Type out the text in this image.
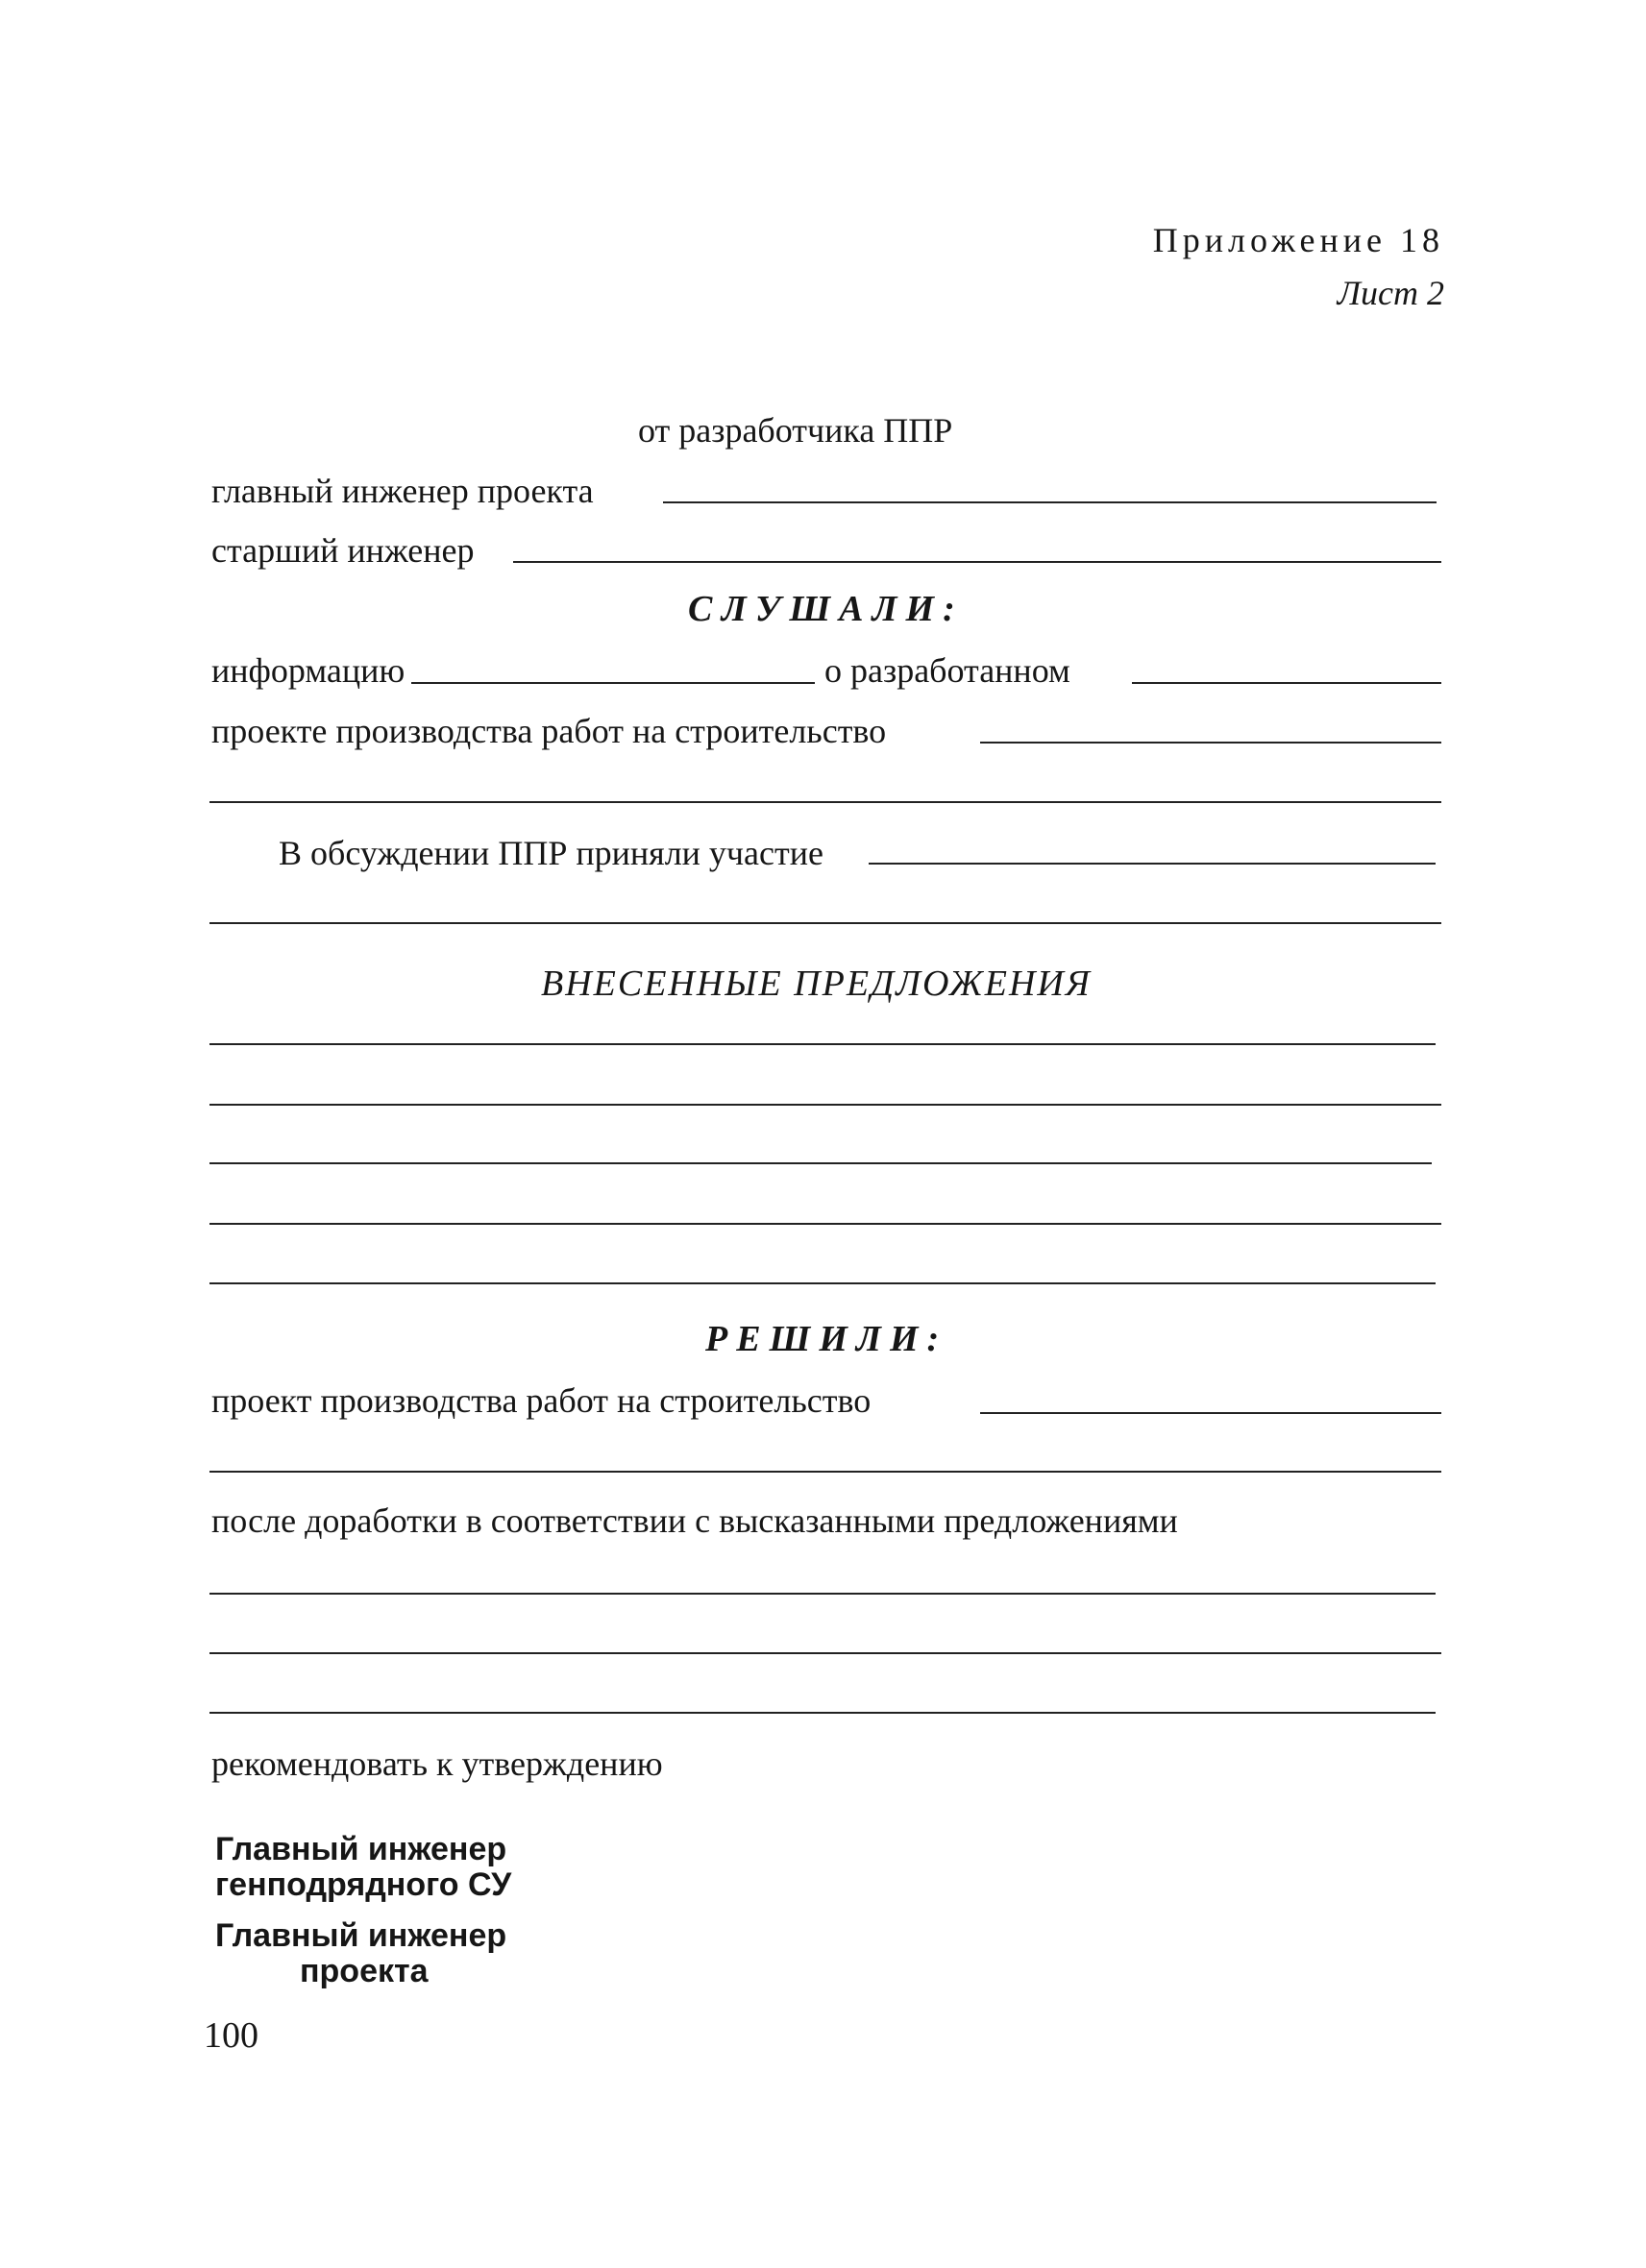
Приложение 18
Лист 2
от разработчика ППР
главный инженер проекта
старший инженер
СЛУШАЛИ:
информацию	о разработанном
проекте производства работ на строительство
В обсуждении ППР приняли участие
ВНЕСЕННЫЕ ПРЕДЛОЖЕНИЯ
РЕШИЛИ:
проект производства работ на строительство
после доработки в соответствии с высказанными предложениями
рекомендовать к утверждению
Главный инженер
генподрядного СУ
Главный инженер
проекта
100
